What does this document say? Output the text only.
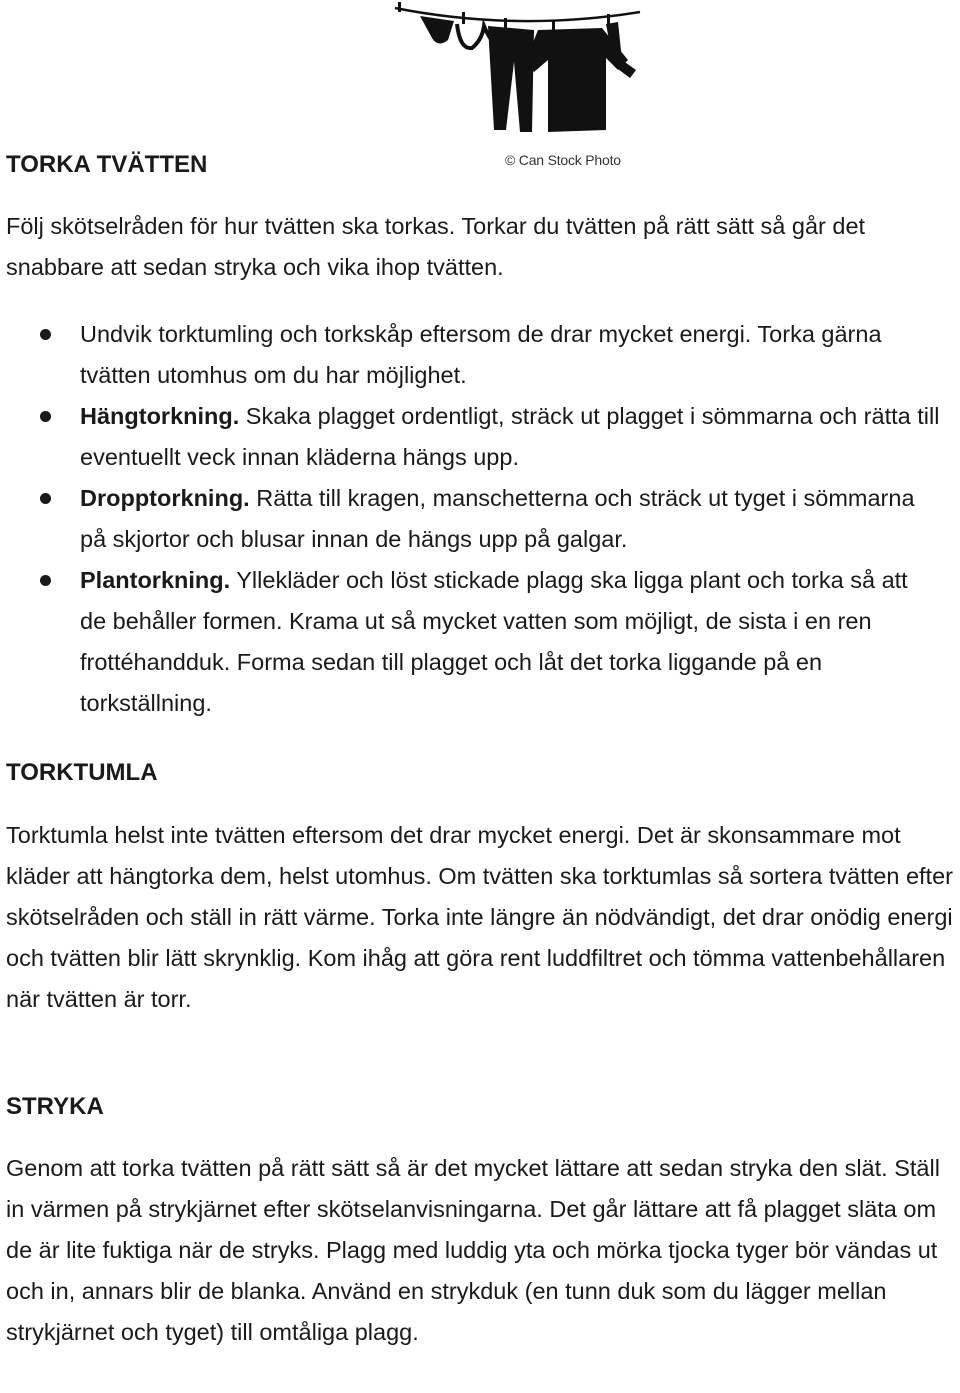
© Can Stock Photo
TORKA TVÄTTEN

Följ skötselråden för hur tvätten ska torkas. Torkar du tvätten på rätt sätt så går det snabbare att sedan stryka och vika ihop tvätten.

Undvik torktumling och torkskåp eftersom de drar mycket energi. Torka gärna tvätten utomhus om du har möjlighet.
Hängtorkning. Skaka plagget ordentligt, sträck ut plagget i sömmarna och rätta till eventuellt veck innan kläderna hängs upp.
Dropptorkning. Rätta till kragen, manschetterna och sträck ut tyget i sömmarna på skjortor och blusar innan de hängs upp på galgar.
Plantorkning. Yllekläder och löst stickade plagg ska ligga plant och torka så att de behåller formen. Krama ut så mycket vatten som möjligt, de sista i en ren frottéhandduk. Forma sedan till plagget och låt det torka liggande på en torkställning.
TORKTUMLA

Torktumla helst inte tvätten eftersom det drar mycket energi. Det är skonsammare mot kläder att hängtorka dem, helst utomhus. Om tvätten ska torktumlas så sortera tvätten efter skötselråden och ställ in rätt värme. Torka inte längre än nödvändigt, det drar onödig energi och tvätten blir lätt skrynklig. Kom ihåg att göra rent luddfiltret och tömma vattenbehållaren när tvätten är torr.

STRYKA

Genom att torka tvätten på rätt sätt så är det mycket lättare att sedan stryka den slät. Ställ in värmen på strykjärnet efter skötselanvisningarna. Det går lättare att få plagget släta om de är lite fuktiga när de stryks. Plagg med luddig yta och mörka tjocka tyger bör vändas ut och in, annars blir de blanka. Använd en strykduk (en tunn duk som du lägger mellan strykjärnet och tyget) till omtåliga plagg.
